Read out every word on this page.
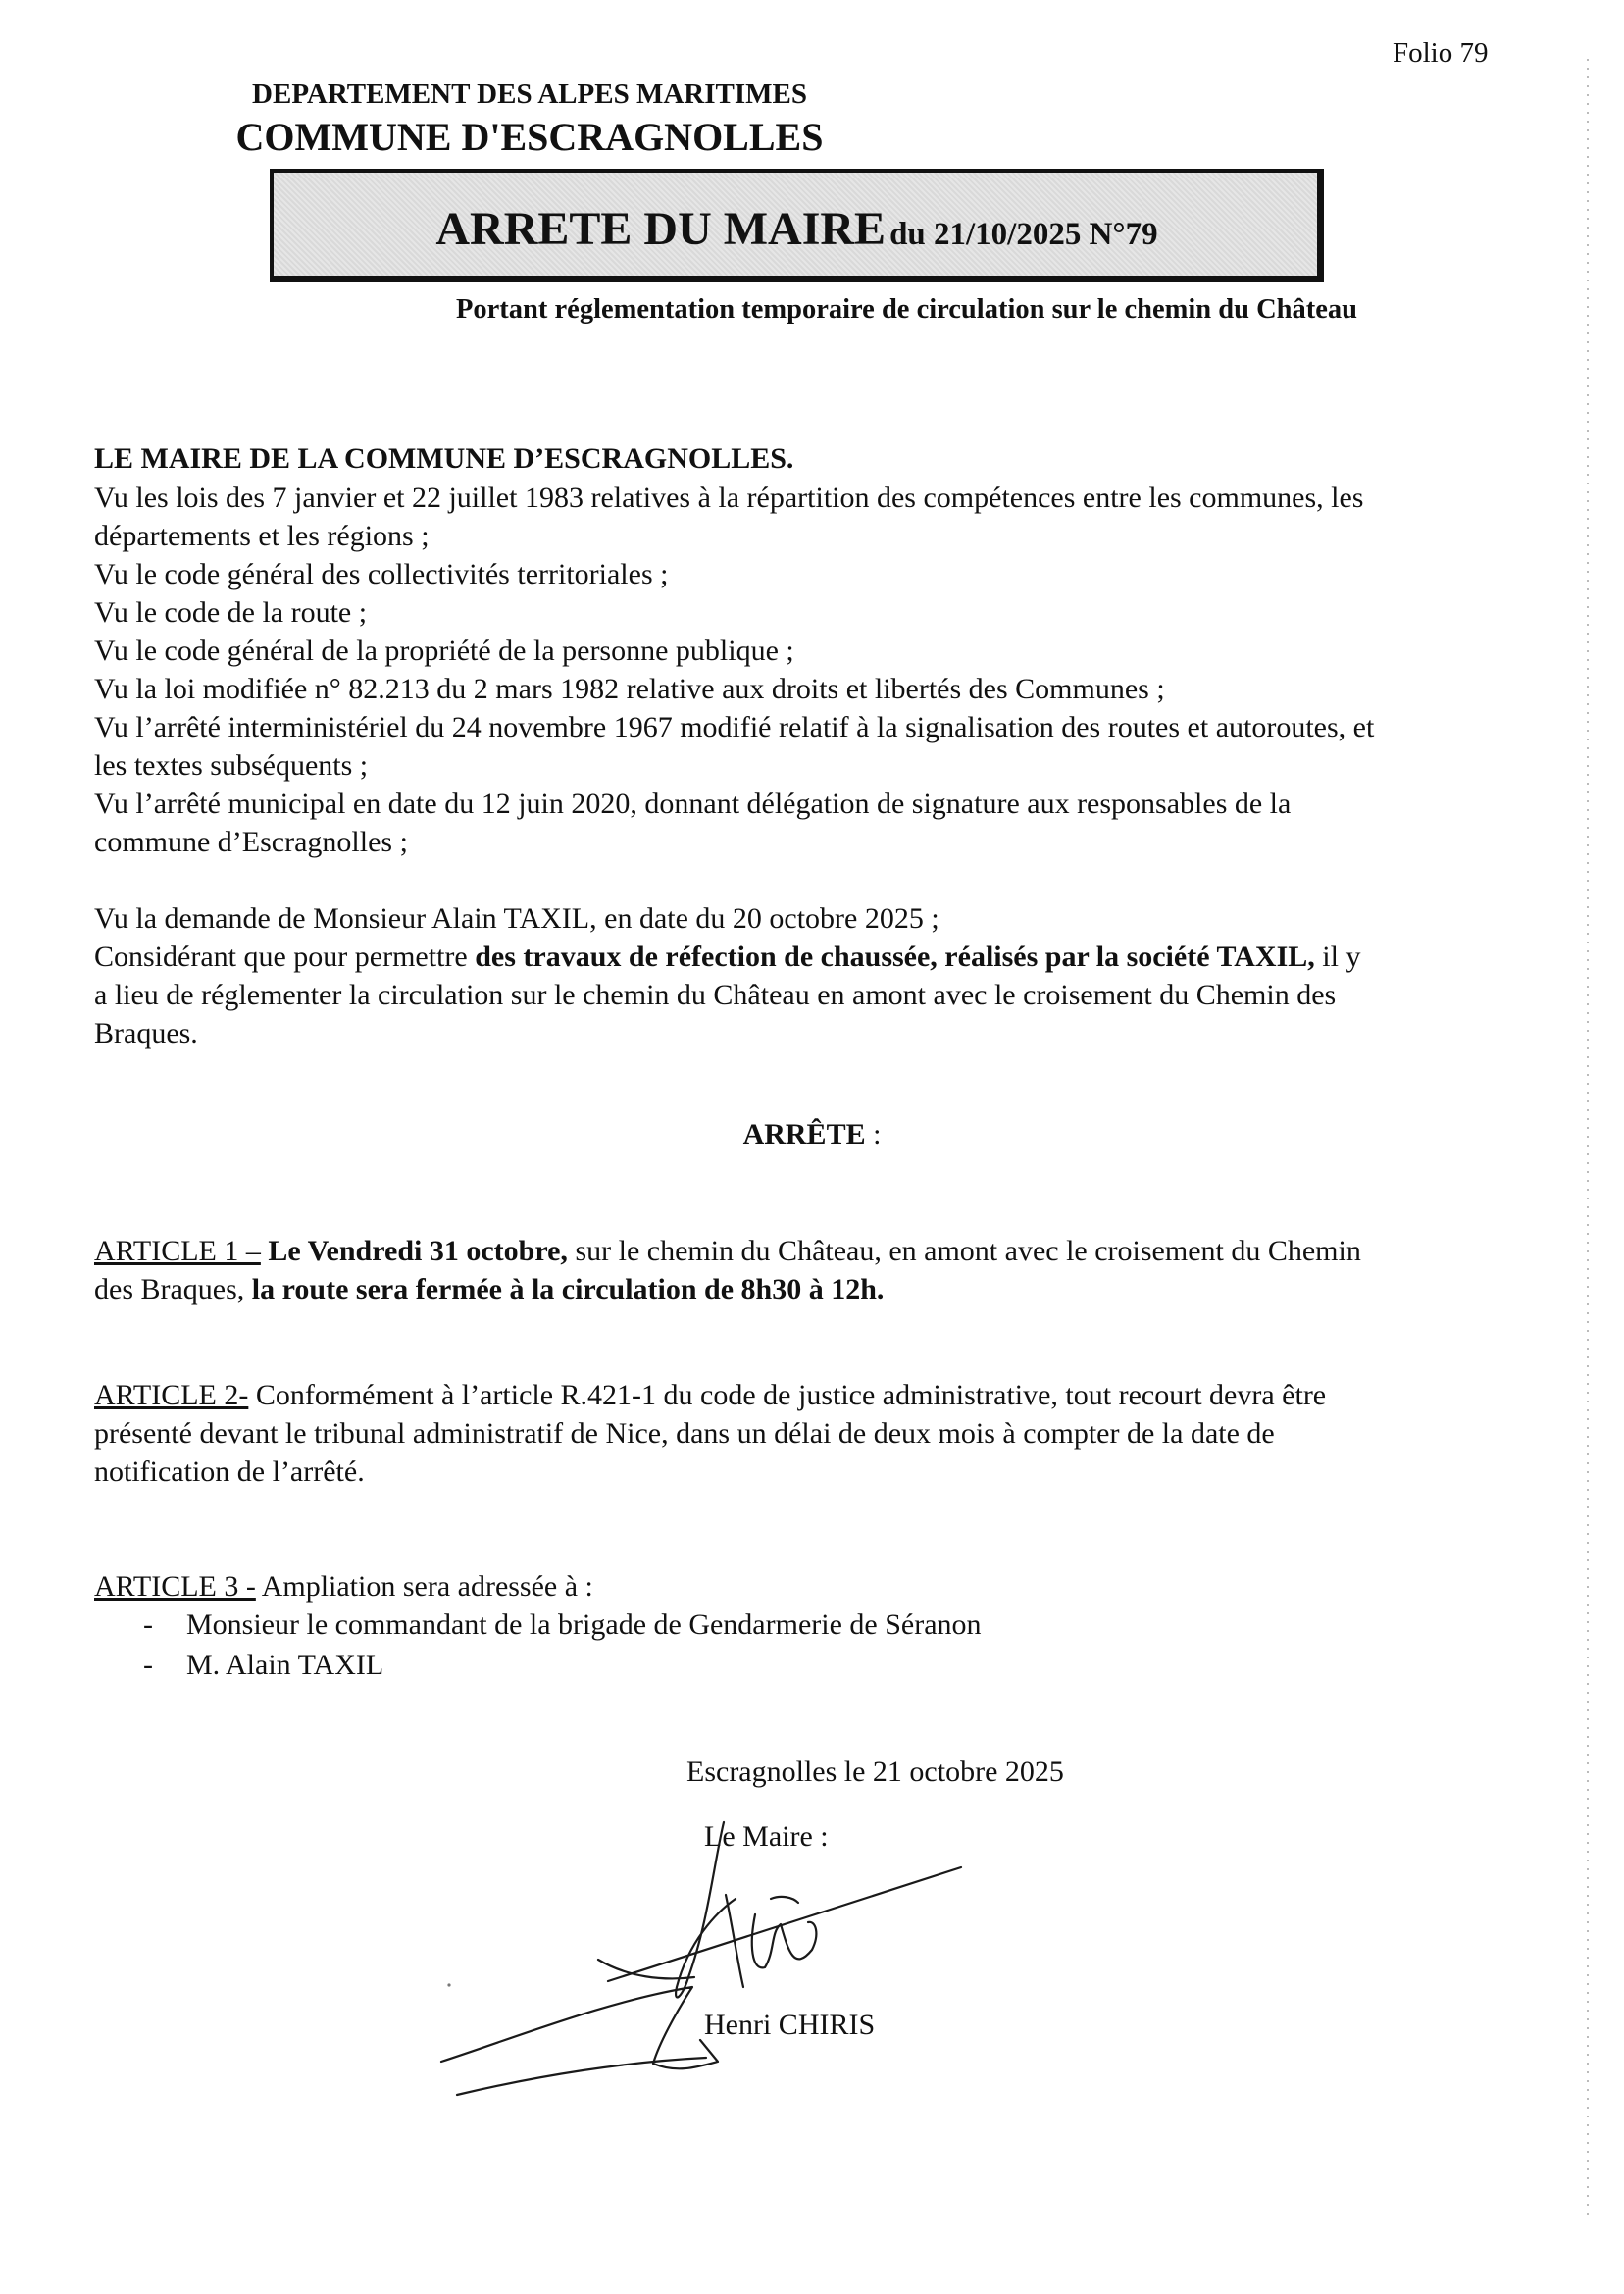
Folio 79
DEPARTEMENT DES ALPES MARITIMES
COMMUNE D'ESCRAGNOLLES
ARRETE DU MAIRE du 21/10/2025 N°79
Portant réglementation temporaire de circulation sur le chemin du Château
LE MAIRE DE LA COMMUNE D’ESCRAGNOLLES.
Vu les lois des 7 janvier et 22 juillet 1983 relatives à la répartition des compétences entre les communes, les
départements et les régions ;
Vu le code général des collectivités territoriales ;
Vu le code de la route ;
Vu le code général de la propriété de la personne publique ;
Vu la loi modifiée n° 82.213 du 2 mars 1982 relative aux droits et libertés des Communes ;
Vu l’arrêté interministériel du 24 novembre 1967 modifié relatif à la signalisation des routes et autoroutes, et
les textes subséquents ;
Vu l’arrêté municipal en date du 12 juin 2020, donnant délégation de signature aux responsables de la
commune d’Escragnolles ;
Vu la demande de Monsieur Alain TAXIL, en date du 20 octobre 2025 ;
Considérant que pour permettre des travaux de réfection de chaussée, réalisés par la société TAXIL, il y
a lieu de réglementer la circulation sur le chemin du Château en amont avec le croisement du Chemin des
Braques.
ARRÊTE :
ARTICLE 1 – Le Vendredi 31 octobre, sur le chemin du Château, en amont avec le croisement du Chemin
des Braques, la route sera fermée à la circulation de 8h30 à 12h.
ARTICLE 2- Conformément à l’article R.421-1 du code de justice administrative, tout recourt devra être
présenté devant le tribunal administratif de Nice, dans un délai de deux mois à compter de la date de
notification de l’arrêté.
ARTICLE 3 - Ampliation sera adressée à :
- Monsieur le commandant de la brigade de Gendarmerie de Séranon
- M. Alain TAXIL
Escragnolles le 21 octobre 2025
Le Maire :
Henri CHIRIS
